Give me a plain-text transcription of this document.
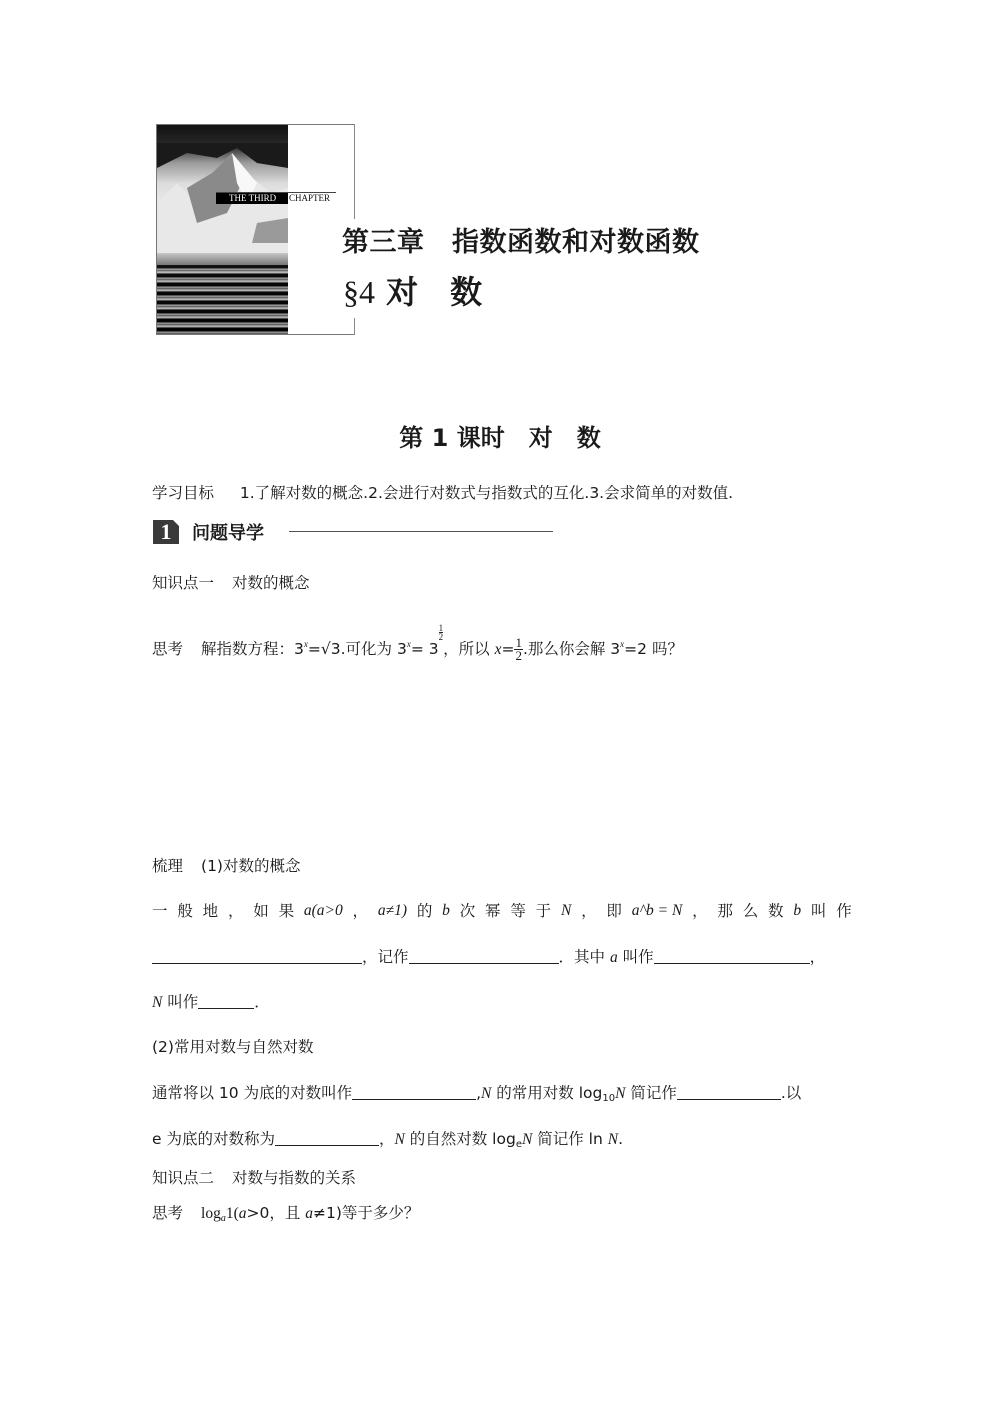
THE THIRD CHAPTER
第三章　指数函数和对数函数
§4 对　数
第 1 课时　对　数
学习目标 1.了解对数的概念.2.会进行对数式与指数式的互化.3.会求简单的对数值.
1	问题导学
知识点一 对数的概念
思考 解指数方程：$3^x=√3$.可化为 $3^x= 3$
$\frac{1}{2}$，所以 $x= \frac{1}{2}$ .那么你会解 $3^x=2$ 吗？
梳理 (1)对数的概念
一 般 地 ， 如 果 a(a>0 ， a≠1) 的 b 次 幂 等 于 N ， 即 a^b = N ， 那 么 数 b 叫 作
，记作	．其中 a 叫作	，
N 叫作	．
(2)常用对数与自然对数
通常将以 10 为底的对数叫作	,N 的常用对数 $\log_{10}N$ 简记作	.以
e 为底的对数称为	，N 的自然对数 $\log_eN$ 简记作 ln N.
知识点二 对数与指数的关系
思考 $\log_a1(a>0$，且 a≠1)等于多少？
